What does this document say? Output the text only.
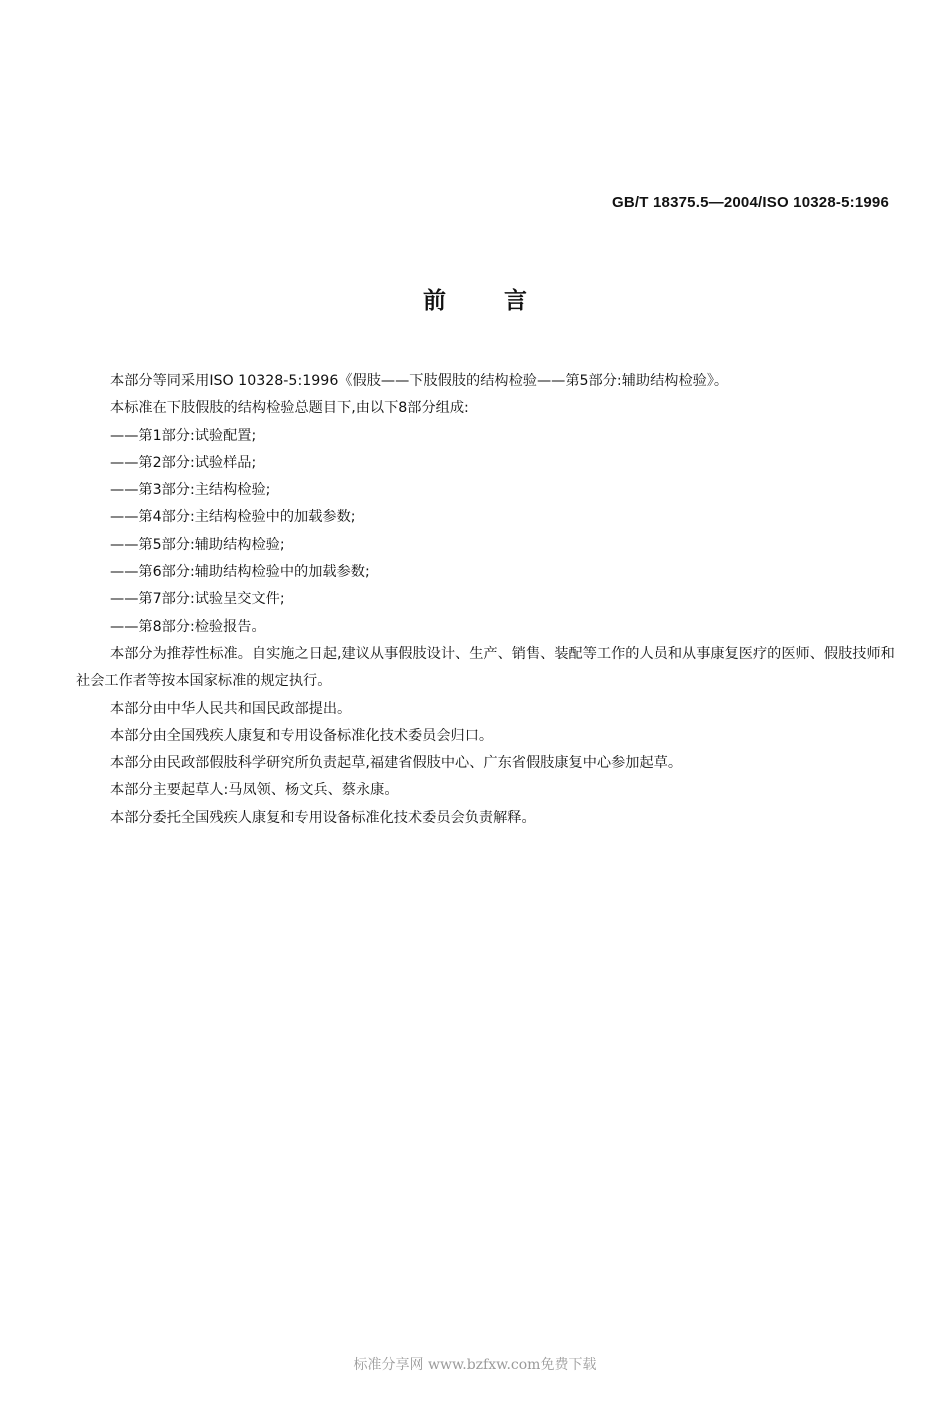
GB/T 18375.5—2004/ISO 10328-5:1996
前言

本部分等同采用ISO 10328-5:1996《假肢——下肢假肢的结构检验——第5部分:辅助结构检验》。

本标准在下肢假肢的结构检验总题目下,由以下8部分组成:

——第1部分:试验配置;

——第2部分:试验样品;

——第3部分:主结构检验;

——第4部分:主结构检验中的加载参数;

——第5部分:辅助结构检验;

——第6部分:辅助结构检验中的加载参数;

——第7部分:试验呈交文件;

——第8部分:检验报告。

本部分为推荐性标准。自实施之日起,建议从事假肢设计、生产、销售、装配等工作的人员和从事康复医疗的医师、假肢技师和社会工作者等按本国家标准的规定执行。

本部分由中华人民共和国民政部提出。

本部分由全国残疾人康复和专用设备标准化技术委员会归口。

本部分由民政部假肢科学研究所负责起草,福建省假肢中心、广东省假肢康复中心参加起草。

本部分主要起草人:马凤领、杨文兵、蔡永康。

本部分委托全国残疾人康复和专用设备标准化技术委员会负责解释。

标准分享网 www.bzfxw.com免费下载
